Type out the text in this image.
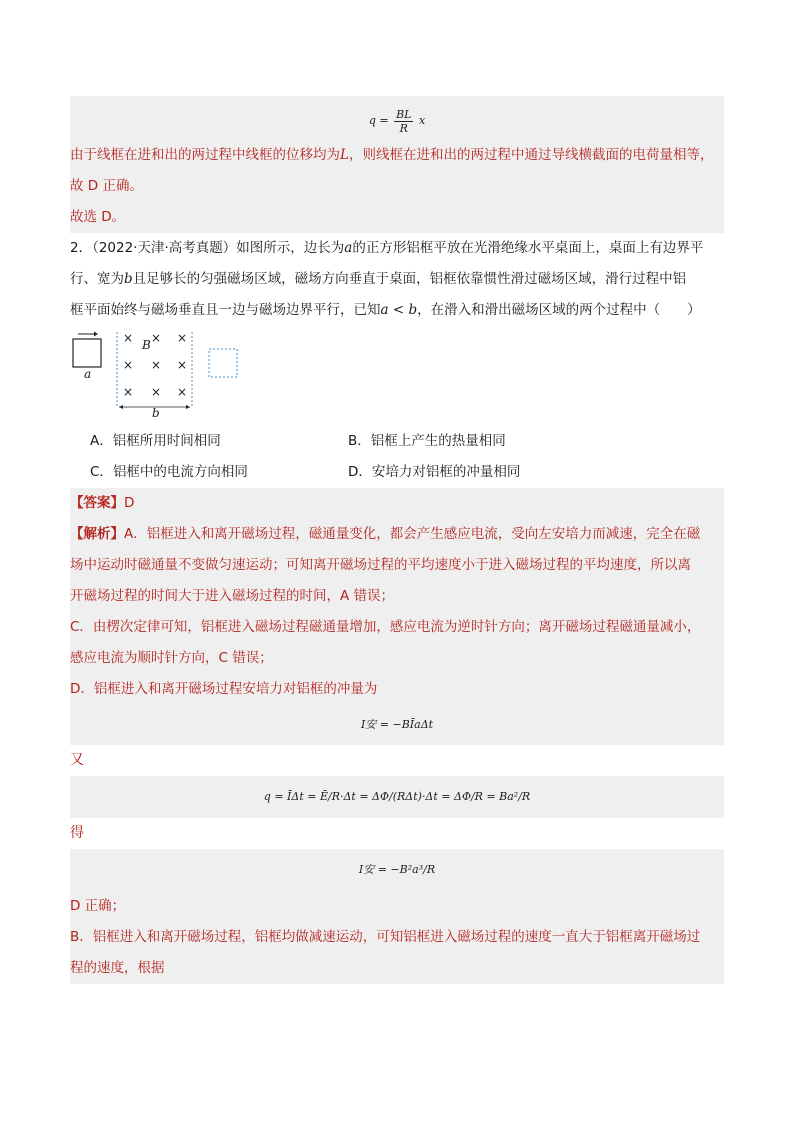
$q = \frac{BL}{R}$ x
由于线框在进和出的两过程中线框的位移均为L，则线框在进和出的两过程中通过导线横截面的电荷量相等，
故 D 正确。
故选 D。
2．（2022·天津·高考真题）如图所示，边长为a的正方形铝框平放在光滑绝缘水平桌面上，桌面上有边界平
行、宽为b且足够长的匀强磁场区域，磁场方向垂直于桌面，铝框依靠惯性滑过磁场区域，滑行过程中铝
框平面始终与磁场垂直且一边与磁场边界平行，已知a < b，在滑入和滑出磁场区域的两个过程中（　　）
B
a
b
× × ×
× × ×
× × ×
A．铝框所用时间相同	B．铝框上产生的热量相同
C．铝框中的电流方向相同	D．安培力对铝框的冲量相同
【答案】D
【解析】A．铝框进入和离开磁场过程，磁通量变化，都会产生感应电流，受向左安培力而减速，完全在磁
场中运动时磁通量不变做匀速运动；可知离开磁场过程的平均速度小于进入磁场过程的平均速度，所以离
开磁场过程的时间大于进入磁场过程的时间，A 错误；
C．由楞次定律可知，铝框进入磁场过程磁通量增加，感应电流为逆时针方向；离开磁场过程磁通量减小，
感应电流为顺时针方向，C 错误；
D．铝框进入和离开磁场过程安培力对铝框的冲量为
I安 = −BĪaΔt
又
q = ĪΔt = Ē/R·Δt = ΔΦ/(RΔt)·Δt = ΔΦ/R = Ba²/R
得
I安 = −B²a³/R
D 正确；
B．铝框进入和离开磁场过程，铝框均做减速运动，可知铝框进入磁场过程的速度一直大于铝框离开磁场过
程的速度，根据
